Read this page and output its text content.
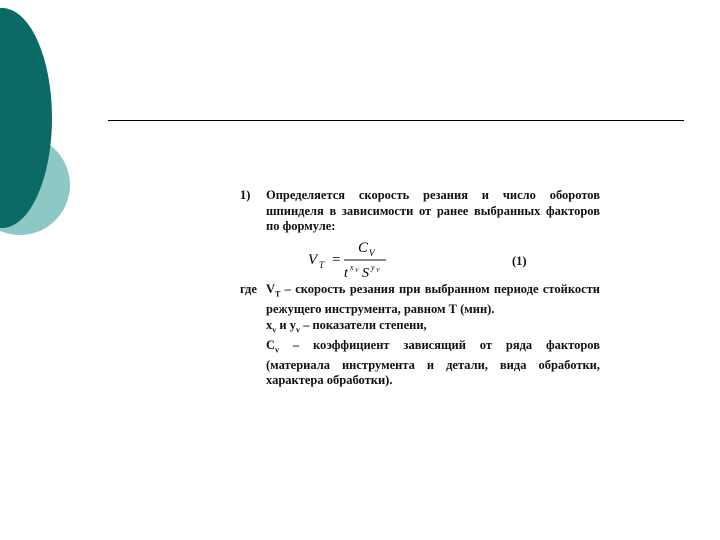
1) Определяется скорость резания и число оборотов шпинделя в зависимости от ранее выбранных факторов по формуле:
V T =
C V
t x V S y V
(1)
где $V_T$ – скорость резания при выбранном периоде стойкости режущего инструмента, равном Т (мин).
$x_v$ и $y_v$ – показатели степени,
$C_v$ – коэффициент зависящий от ряда факторов (материала инструмента и детали, вида обработки, характера обработки).
